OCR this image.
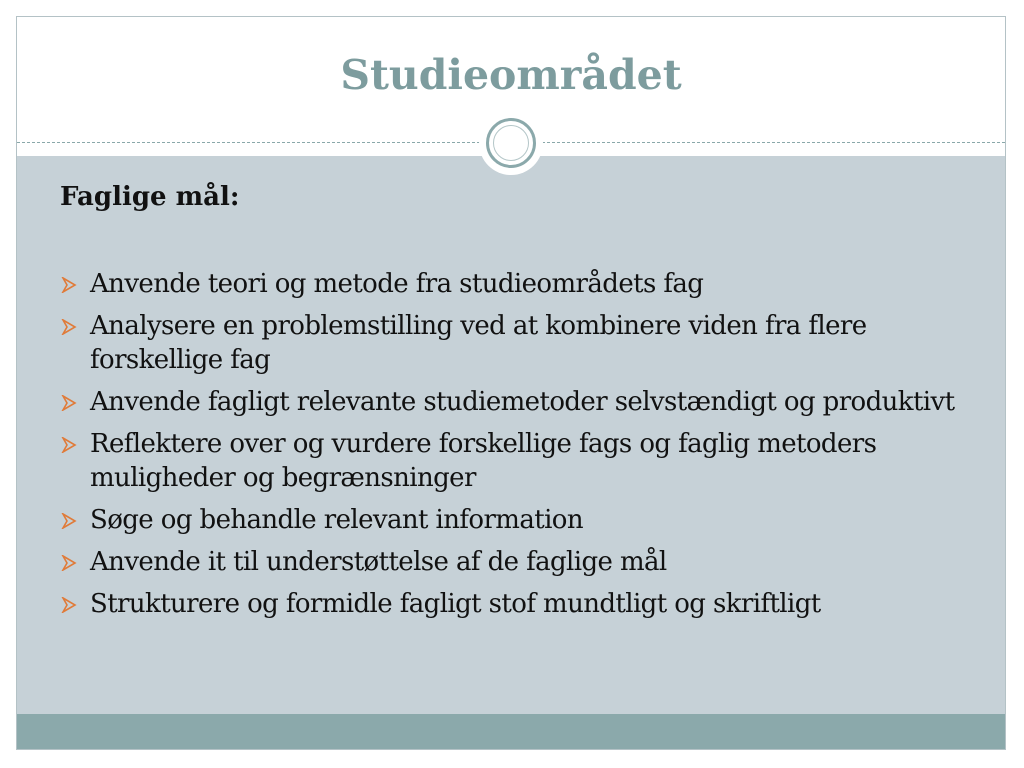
Studieområdet
Faglige mål:
Anvende teori og metode fra studieområdets fag
Analysere en problemstilling ved at kombinere viden fra flere forskellige fag
Anvende fagligt relevante studiemetoder selvstændigt og produktivt
Reflektere over og vurdere forskellige fags og faglig metoders muligheder og begrænsninger
Søge og behandle relevant information
Anvende it til understøttelse af de faglige mål
Strukturere og formidle fagligt stof mundtligt og skriftligt
